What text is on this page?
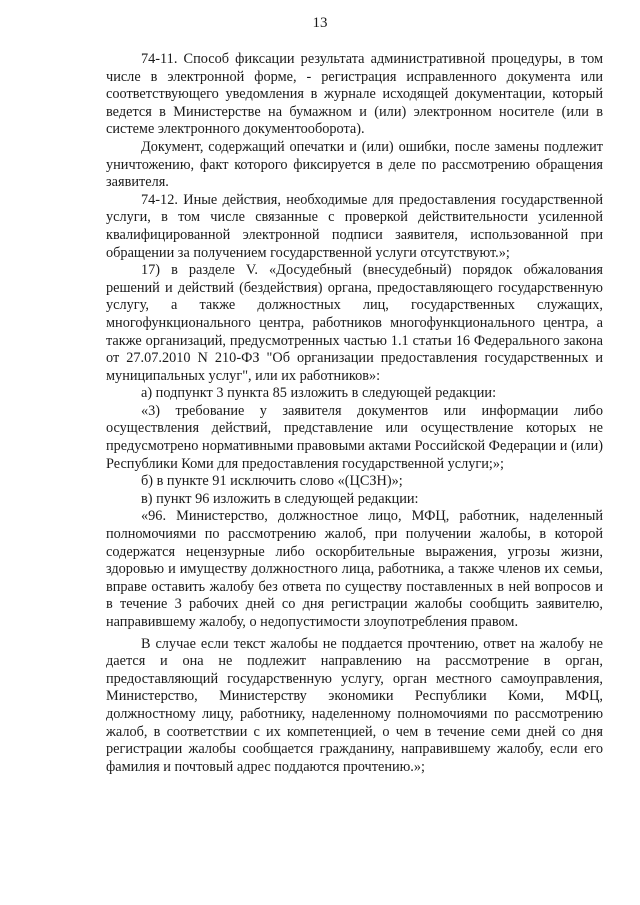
13

74-11. Способ фиксации результата административной процедуры, в том числе в электронной форме, - регистрация исправленного документа или соответствующего уведомления в журнале исходящей документации, который ведется в Министерстве на бумажном и (или) электронном носителе (или в системе электронного документооборота).

Документ, содержащий опечатки и (или) ошибки, после замены подлежит уничтожению, факт которого фиксируется в деле по рассмотрению обращения заявителя.

74-12. Иные действия, необходимые для предоставления государственной услуги, в том числе связанные с проверкой действительности усиленной квалифицированной электронной подписи заявителя, использованной при обращении за получением государственной услуги отсутствуют.»;

17) в разделе V. «Досудебный (внесудебный) порядок обжалования решений и действий (бездействия) органа, предоставляющего государственную услугу, а также должностных лиц, государственных служащих, многофункционального центра, работников многофункционального центра, а также организаций, предусмотренных частью 1.1 статьи 16 Федерального закона от 27.07.2010 N 210-ФЗ "Об организации предоставления государственных и муниципальных услуг", или их работников»:

а) подпункт 3 пункта 85 изложить в следующей редакции:

«3) требование у заявителя документов или информации либо осуществления действий, представление или осуществление которых не предусмотрено нормативными правовыми актами Российской Федерации и (или) Республики Коми для предоставления государственной услуги;»;

б) в пункте 91 исключить слово «(ЦСЗН)»;

в) пункт 96 изложить в следующей редакции:

«96. Министерство, должностное лицо, МФЦ, работник, наделенный полномочиями по рассмотрению жалоб, при получении жалобы, в которой содержатся нецензурные либо оскорбительные выражения, угрозы жизни, здоровью и имуществу должностного лица, работника, а также членов их семьи, вправе оставить жалобу без ответа по существу поставленных в ней вопросов и в течение 3 рабочих дней со дня регистрации жалобы сообщить заявителю, направившему жалобу, о недопустимости злоупотребления правом.

В случае если текст жалобы не поддается прочтению, ответ на жалобу не дается и она не подлежит направлению на рассмотрение в орган, предоставляющий государственную услугу, орган местного самоуправления, Министерство, Министерству экономики Республики Коми, МФЦ, должностному лицу, работнику, наделенному полномочиями по рассмотрению жалоб, в соответствии с их компетенцией, о чем в течение семи дней со дня регистрации жалобы сообщается гражданину, направившему жалобу, если его фамилия и почтовый адрес поддаются прочтению.»;
